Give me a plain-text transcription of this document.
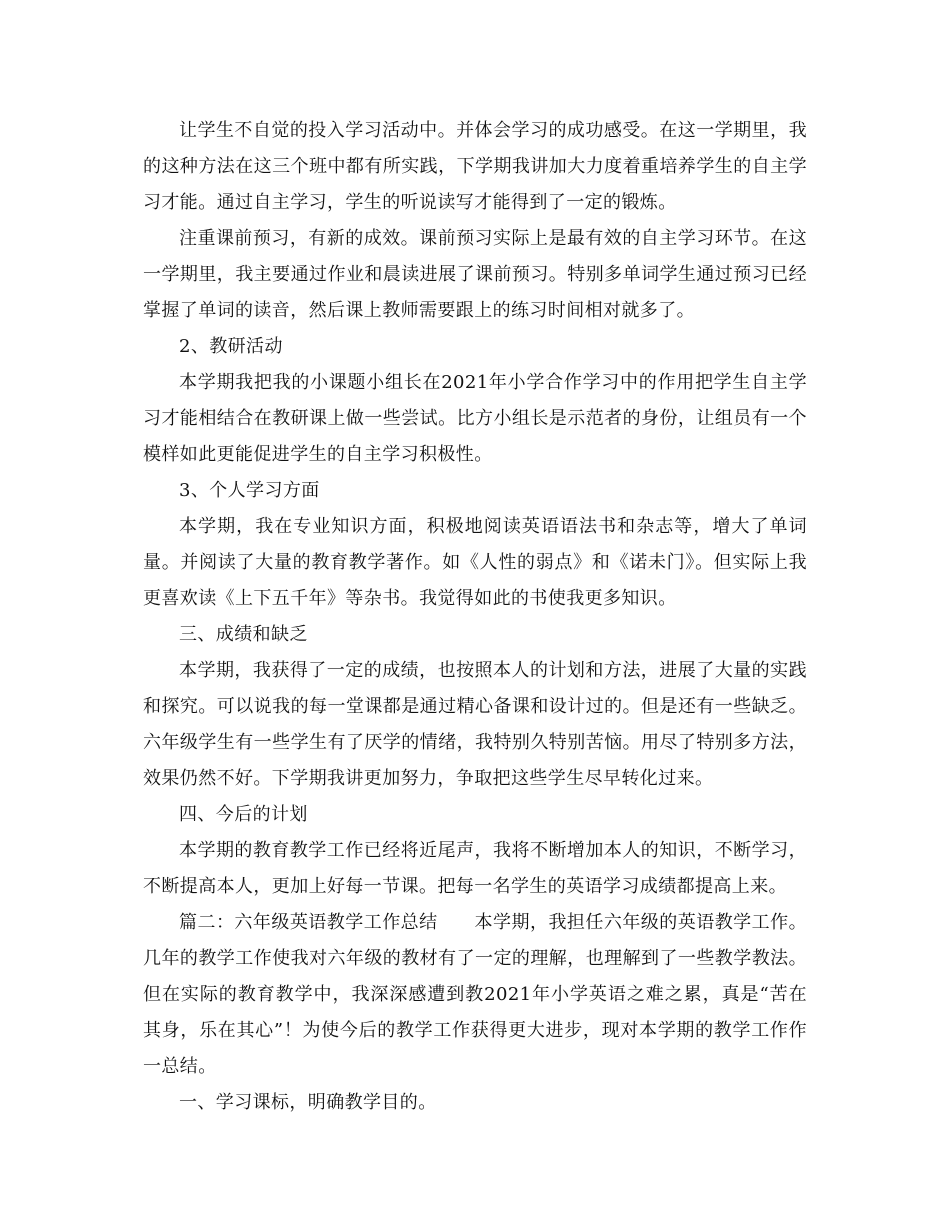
让学生不自觉的投入学习活动中。并体会学习的成功感受。在这一学期里，我的这种方法在这三个班中都有所实践，下学期我讲加大力度着重培养学生的自主学习才能。通过自主学习，学生的听说读写才能得到了一定的锻炼。

注重课前预习，有新的成效。课前预习实际上是最有效的自主学习环节。在这一学期里，我主要通过作业和晨读进展了课前预习。特别多单词学生通过预习已经掌握了单词的读音，然后课上教师需要跟上的练习时间相对就多了。

2、教研活动

本学期我把我的小课题小组长在2021年小学合作学习中的作用把学生自主学习才能相结合在教研课上做一些尝试。比方小组长是示范者的身份，让组员有一个模样如此更能促进学生的自主学习积极性。

3、个人学习方面

本学期，我在专业知识方面，积极地阅读英语语法书和杂志等，增大了单词量。并阅读了大量的教育教学著作。如《人性的弱点》和《诺未门》。但实际上我更喜欢读《上下五千年》等杂书。我觉得如此的书使我更多知识。

三、成绩和缺乏

本学期，我获得了一定的成绩，也按照本人的计划和方法，进展了大量的实践和探究。可以说我的每一堂课都是通过精心备课和设计过的。但是还有一些缺乏。六年级学生有一些学生有了厌学的情绪，我特别久特别苦恼。用尽了特别多方法，效果仍然不好。下学期我讲更加努力，争取把这些学生尽早转化过来。

四、今后的计划

本学期的教育教学工作已经将近尾声，我将不断增加本人的知识，不断学习，不断提高本人，更加上好每一节课。把每一名学生的英语学习成绩都提高上来。

篇二：六年级英语教学工作总结　　本学期，我担任六年级的英语教学工作。几年的教学工作使我对六年级的教材有了一定的理解，也理解到了一些教学教法。但在实际的教育教学中，我深深感遭到教2021年小学英语之难之累，真是“苦在其身，乐在其心”！为使今后的教学工作获得更大进步，现对本学期的教学工作作一总结。

一、学习课标，明确教学目的。
